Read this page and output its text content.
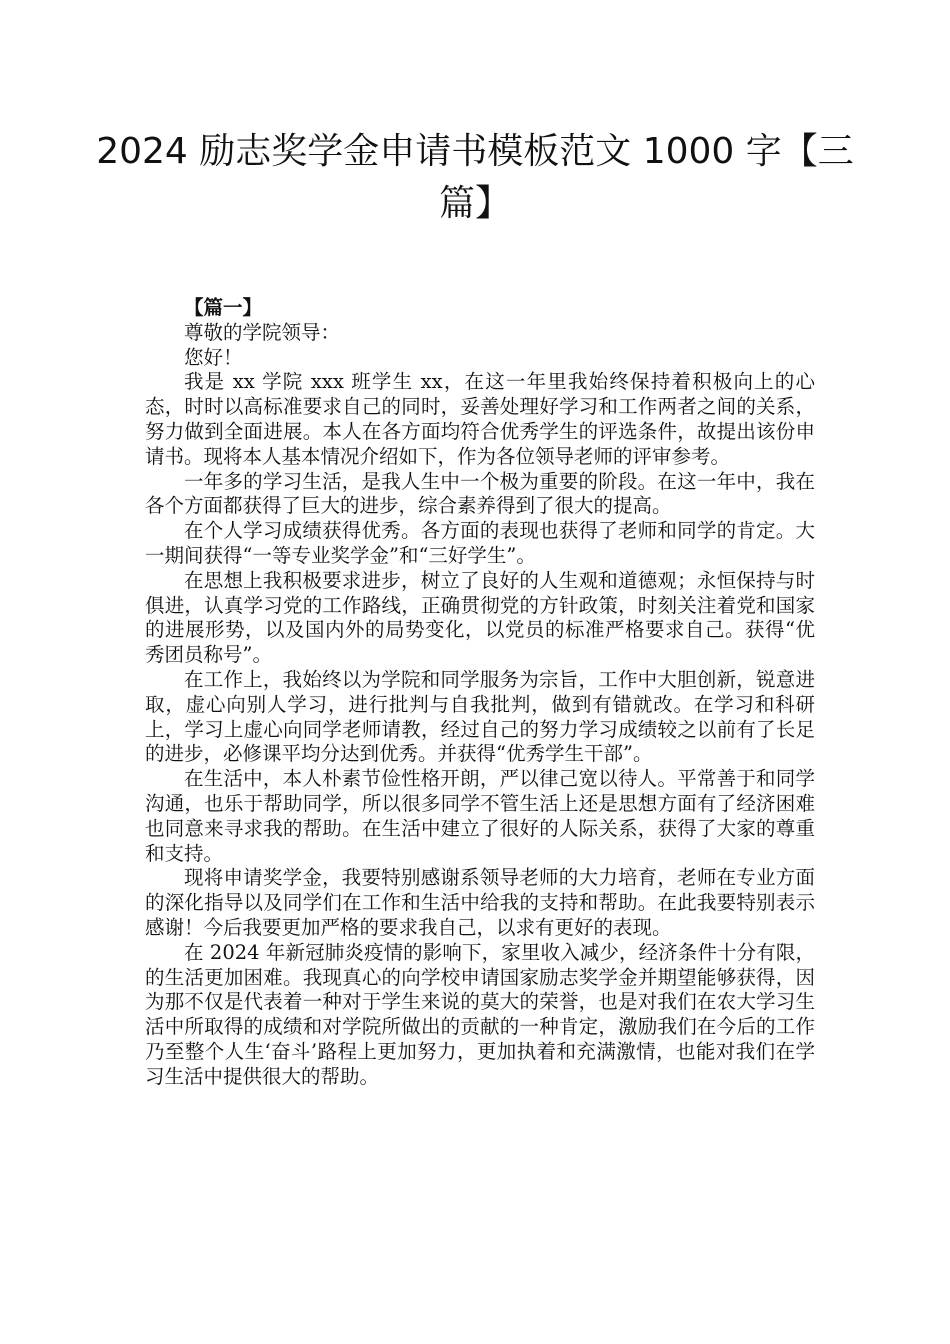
2024 励志奖学金申请书模板范文 1000 字【三篇】

【篇一】

尊敬的学院领导：

您好！

我是 xx 学院 xxx 班学生 xx，在这一年里我始终保持着积极向上的心态，时时以高标准要求自己的同时，妥善处理好学习和工作两者之间的关系，努力做到全面进展。本人在各方面均符合优秀学生的评选条件，故提出该份申请书。现将本人基本情况介绍如下，作为各位领导老师的评审参考。

一年多的学习生活，是我人生中一个极为重要的阶段。在这一年中，我在各个方面都获得了巨大的进步，综合素养得到了很大的提高。

在个人学习成绩获得优秀。各方面的表现也获得了老师和同学的肯定。大一期间获得“一等专业奖学金”和“三好学生”。

在思想上我积极要求进步，树立了良好的人生观和道德观；永恒保持与时俱进，认真学习党的工作路线，正确贯彻党的方针政策，时刻关注着党和国家的进展形势，以及国内外的局势变化，以党员的标准严格要求自己。获得“优秀团员称号”。

在工作上，我始终以为学院和同学服务为宗旨，工作中大胆创新，锐意进取，虚心向别人学习，进行批判与自我批判，做到有错就改。在学习和科研上，学习上虚心向同学老师请教，经过自己的努力学习成绩较之以前有了长足的进步，必修课平均分达到优秀。并获得“优秀学生干部”。

在生活中，本人朴素节俭性格开朗，严以律己宽以待人。平常善于和同学沟通，也乐于帮助同学，所以很多同学不管生活上还是思想方面有了经济困难也同意来寻求我的帮助。在生活中建立了很好的人际关系，获得了大家的尊重和支持。

现将申请奖学金，我要特别感谢系领导老师的大力培育，老师在专业方面的深化指导以及同学们在工作和生活中给我的支持和帮助。在此我要特别表示感谢！今后我要更加严格的要求我自己，以求有更好的表现。

在 2024 年新冠肺炎疫情的影响下，家里收入减少，经济条件十分有限，的生活更加困难。我现真心的向学校申请国家励志奖学金并期望能够获得，因为那不仅是代表着一种对于学生来说的莫大的荣誉，也是对我们在农大学习生活中所取得的成绩和对学院所做出的贡献的一种肯定，激励我们在今后的工作乃至整个人生‘奋斗’路程上更加努力，更加执着和充满激情，也能对我们在学习生活中提供很大的帮助。
